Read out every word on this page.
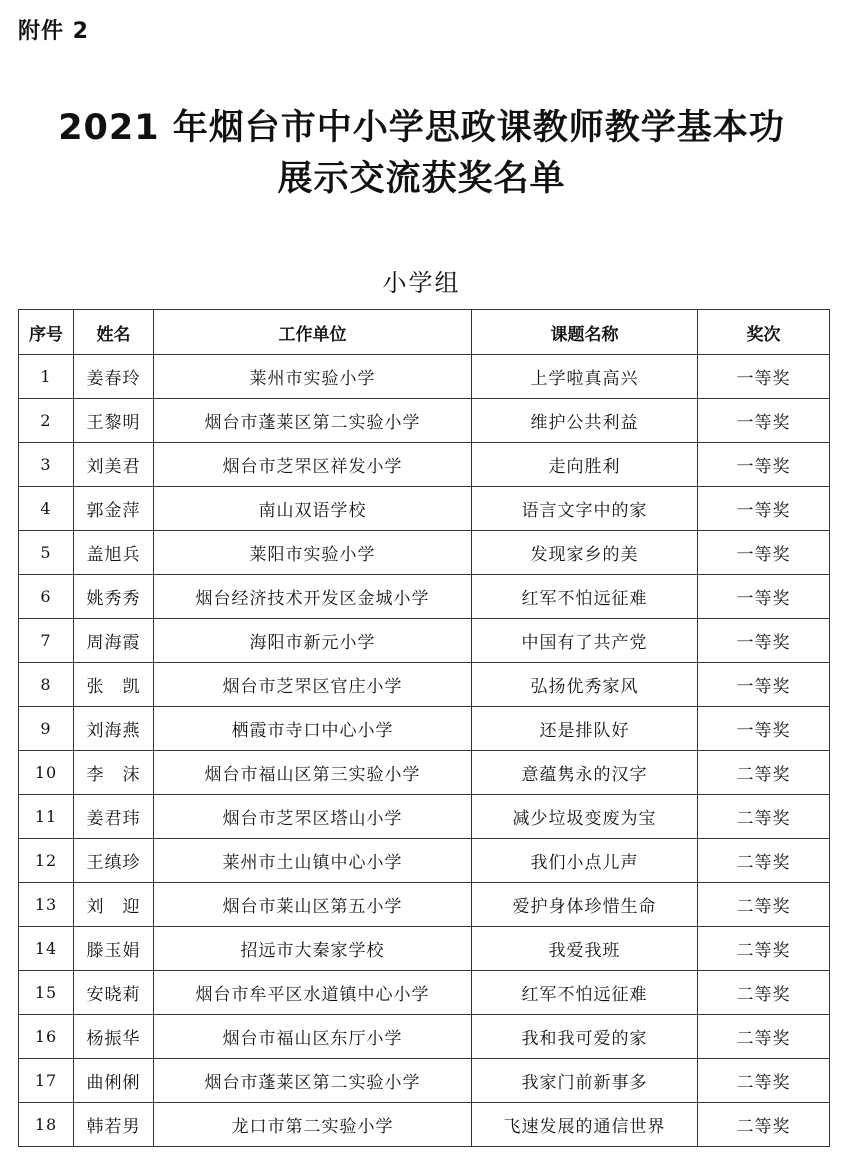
附件 2
2021 年烟台市中小学思政课教师教学基本功
展示交流获奖名单
小学组
序号	姓名	工作单位	课题名称	奖次
1	姜春玲	莱州市实验小学	上学啦真高兴	一等奖
2	王黎明	烟台市蓬莱区第二实验小学	维护公共利益	一等奖
3	刘美君	烟台市芝罘区祥发小学	走向胜利	一等奖
4	郭金萍	南山双语学校	语言文字中的家	一等奖
5	盖旭兵	莱阳市实验小学	发现家乡的美	一等奖
6	姚秀秀	烟台经济技术开发区金城小学	红军不怕远征难	一等奖
7	周海霞	海阳市新元小学	中国有了共产党	一等奖
8	张　凯	烟台市芝罘区官庄小学	弘扬优秀家风	一等奖
9	刘海燕	栖霞市寺口中心小学	还是排队好	一等奖
10	李　沫	烟台市福山区第三实验小学	意蕴隽永的汉字	二等奖
11	姜君玮	烟台市芝罘区塔山小学	减少垃圾变废为宝	二等奖
12	王缜珍	莱州市土山镇中心小学	我们小点儿声	二等奖
13	刘　迎	烟台市莱山区第五小学	爱护身体珍惜生命	二等奖
14	滕玉娟	招远市大秦家学校	我爱我班	二等奖
15	安晓莉	烟台市牟平区水道镇中心小学	红军不怕远征难	二等奖
16	杨振华	烟台市福山区东厅小学	我和我可爱的家	二等奖
17	曲俐俐	烟台市蓬莱区第二实验小学	我家门前新事多	二等奖
18	韩若男	龙口市第二实验小学	飞速发展的通信世界	二等奖
